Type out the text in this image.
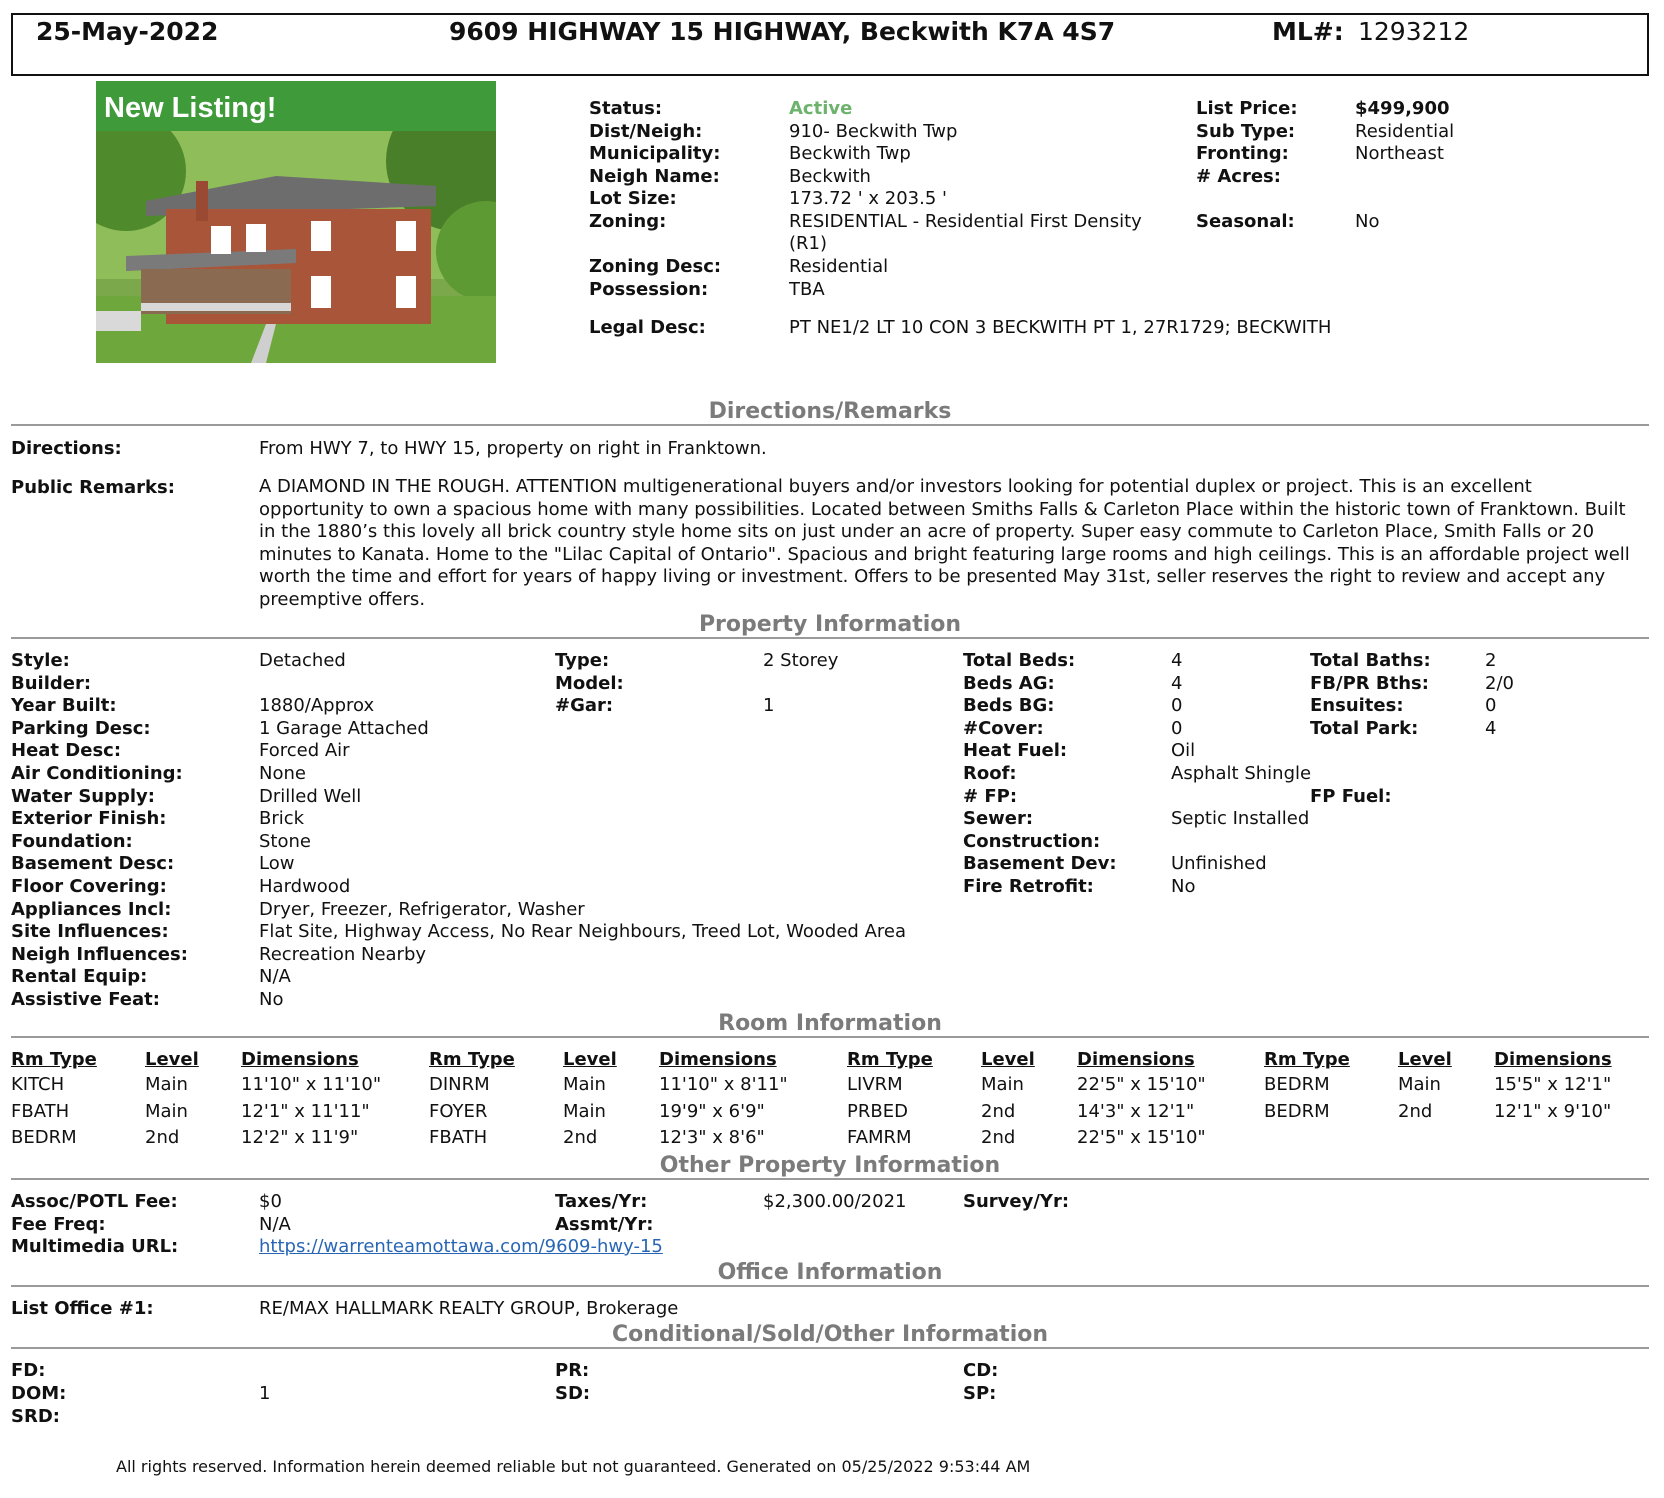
25-May-2022	9609 HIGHWAY 15 HIGHWAY, Beckwith K7A 4S7	ML#: 1293212
New Listing!	Status:	Active
Dist/Neigh:	910- Beckwith Twp
Municipality:	Beckwith Twp
Neigh Name:	Beckwith
Lot Size:	173.72 ' x 203.5 '
Zoning:	RESIDENTIAL - Residential First Density
(R1)
Zoning Desc:	Residential
Possession:	TBA
Legal Desc:	PT NE1/2 LT 10 CON 3 BECKWITH PT 1, 27R1729; BECKWITH
List Price:	$499,900
Sub Type:	Residential
Fronting:	Northeast
# Acres:
Seasonal:	No
Directions/Remarks
Directions:	From HWY 7, to HWY 15, property on right in Franktown.
Public Remarks:	A DIAMOND IN THE ROUGH. ATTENTION multigenerational buyers and/or investors looking for potential duplex or project. This is an excellent opportunity to own a spacious home with many possibilities. Located between Smiths Falls & Carleton Place within the historic town of Franktown. Built in the 1880’s this lovely all brick country style home sits on just under an acre of property. Super easy commute to Carleton Place, Smith Falls or 20 minutes to Kanata. Home to the "Lilac Capital of Ontario". Spacious and bright featuring large rooms and high ceilings. This is an affordable project well worth the time and effort for years of happy living or investment. Offers to be presented May 31st, seller reserves the right to review and accept any preemptive offers.
Property Information
Style:	Detached
Builder:
Year Built:	1880/Approx
Parking Desc:	1 Garage Attached
Heat Desc:	Forced Air
Air Conditioning:	None
Water Supply:	Drilled Well
Exterior Finish:	Brick
Foundation:	Stone
Basement Desc:	Low
Floor Covering:	Hardwood
Appliances Incl:	Dryer, Freezer, Refrigerator, Washer
Site Influences:	Flat Site, Highway Access, No Rear Neighbours, Treed Lot, Wooded Area
Neigh Influences:	Recreation Nearby
Rental Equip:	N/A
Assistive Feat:	No
Type:	2 Storey
Model:
#Gar:	1
Total Beds:	4
Beds AG:	4
Beds BG:	0
#Cover:	0
Heat Fuel:	Oil
Roof:	Asphalt Shingle
# FP:
Sewer:	Septic Installed
Construction:
Basement Dev:	Unfinished
Fire Retrofit:	No
Total Baths:	2
FB/PR Bths:	2/0
Ensuites:	0
Total Park:	4
FP Fuel:
Room Information
Rm Type	Level Dimensions	Rm Type	Level Dimensions	Rm Type	Level Dimensions	Rm Type	Level Dimensions
KITCH	Main	11'10" x 11'10"	DINRM	Main	11'10" x 8'11"	LIVRM	Main	22'5" x 15'10"	BEDRM	Main	15'5" x 12'1"
FBATH	Main	12'1" x 11'11"	FOYER	Main	19'9" x 6'9"	PRBED	2nd	14'3" x 12'1"	BEDRM	2nd	12'1" x 9'10"
BEDRM	2nd	12'2" x 11'9"	FBATH	2nd	12'3" x 8'6"	FAMRM	2nd	22'5" x 15'10"
Other Property Information
Assoc/POTL Fee:	$0
Fee Freq:	N/A
Multimedia URL:	https://warrenteamottawa.com/9609-hwy-15
Taxes/Yr:	$2,300.00/2021
Assmt/Yr:
Survey/Yr:
Office Information
List Office #1:	RE/MAX HALLMARK REALTY GROUP, Brokerage
Conditional/Sold/Other Information
FD:
DOM:	1
SRD:
PR:
SD:
CD:
SP:
All rights reserved. Information herein deemed reliable but not guaranteed. Generated on 05/25/2022 9:53:44 AM
